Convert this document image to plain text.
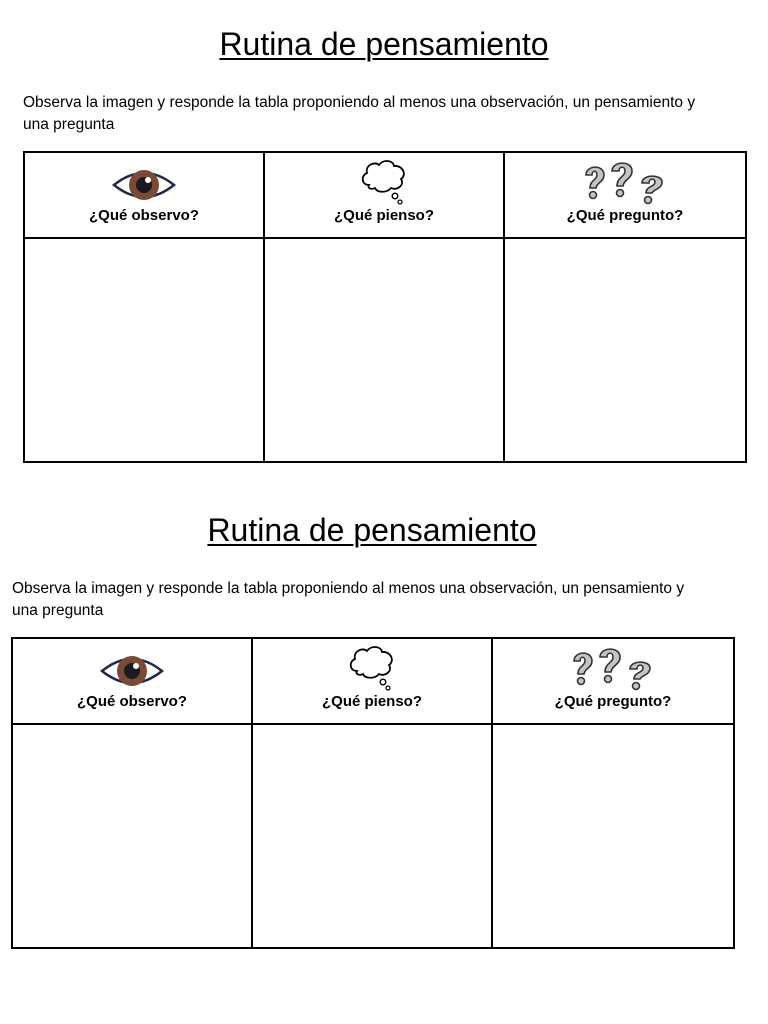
Rutina de pensamiento

Observa la imagen y responde la tabla proponiendo al menos una observación, un pensamiento y
una pregunta

¿Qué observo?	¿Qué pienso?	¿Qué pregunto?

Rutina de pensamiento

Observa la imagen y responde la tabla proponiendo al menos una observación, un pensamiento y
una pregunta

¿Qué observo?	¿Qué pienso?	¿Qué pregunto?
